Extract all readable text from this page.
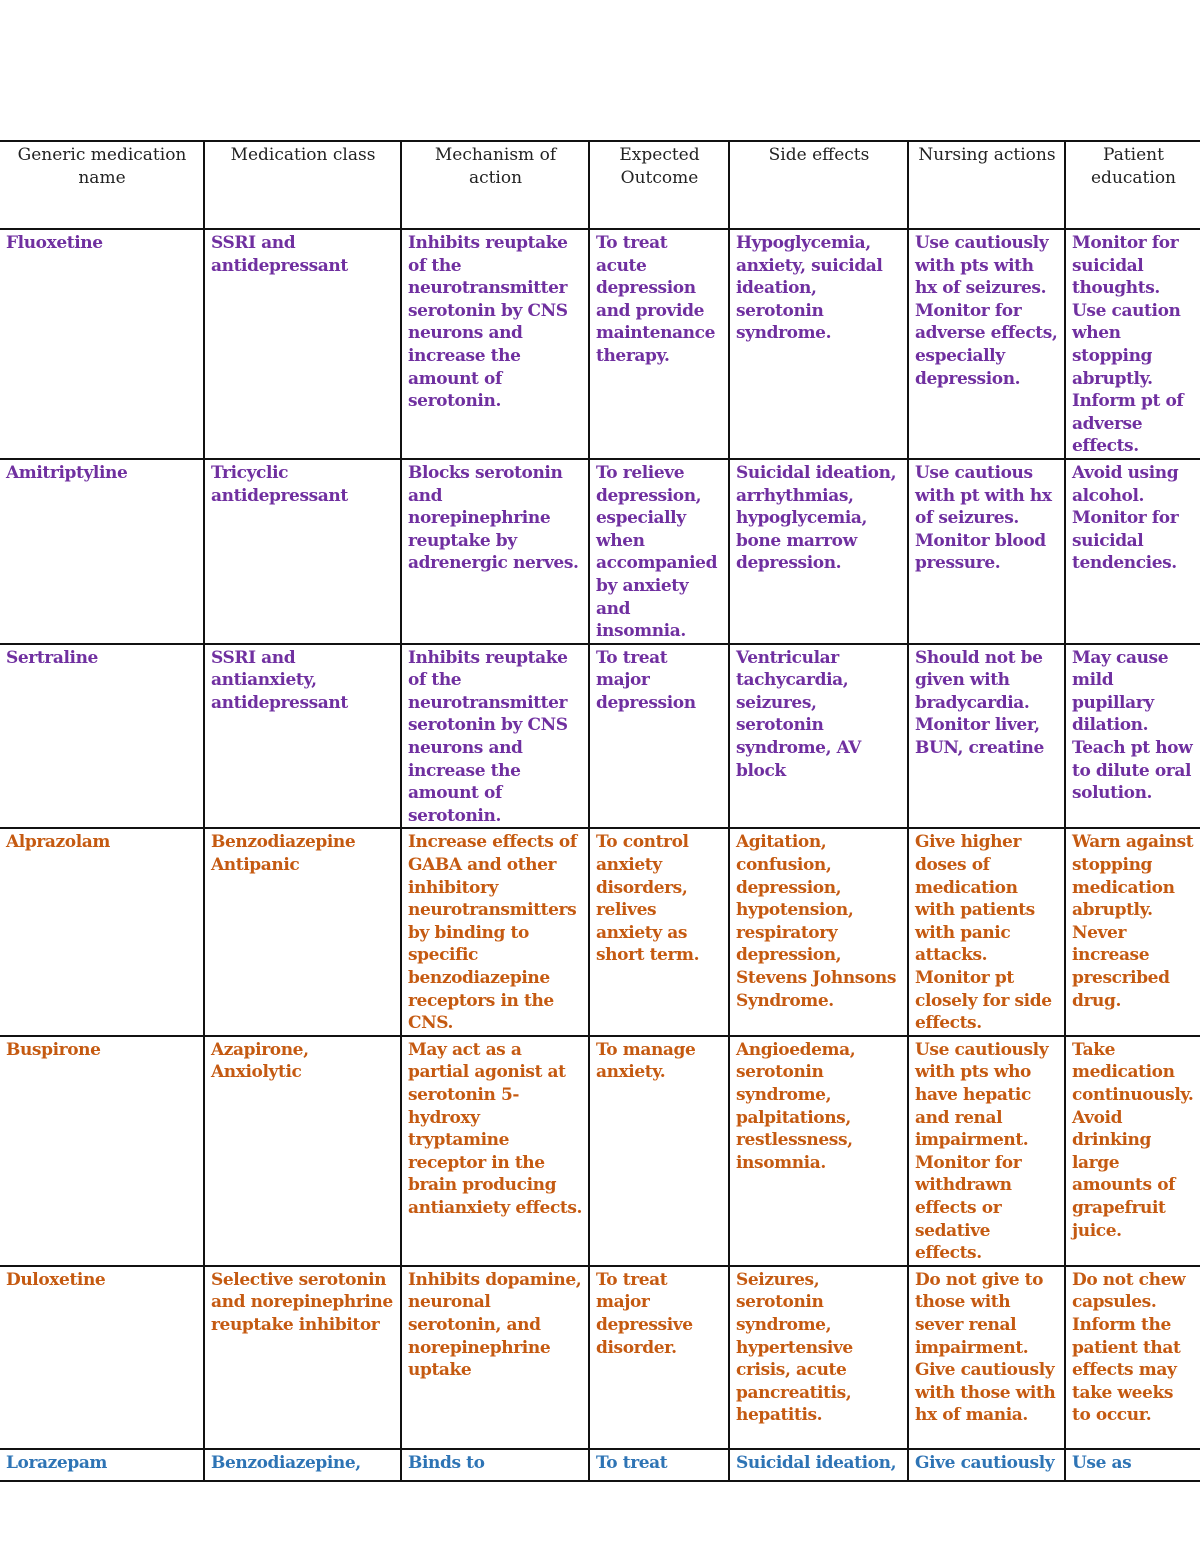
Generic medication name	Medication class	Mechanism of action	Expected Outcome	Side effects	Nursing actions	Patient education
Fluoxetine	SSRI and antidepressant	Inhibits reuptake of the neurotransmitter serotonin by CNS neurons and increase the amount of serotonin.	To treat acute depression and provide maintenance therapy.	Hypoglycemia, anxiety, suicidal ideation, serotonin syndrome.	Use cautiously with pts with hx of seizures. Monitor for adverse effects, especially depression.	Monitor for suicidal thoughts. Use caution when stopping abruptly. Inform pt of adverse effects.
Amitriptyline	Tricyclic antidepressant	Blocks serotonin and norepinephrine reuptake by adrenergic nerves.	To relieve depression, especially when accompanied by anxiety and insomnia.	Suicidal ideation, arrhythmias, hypoglycemia, bone marrow depression.	Use cautious with pt with hx of seizures. Monitor blood pressure.	Avoid using alcohol. Monitor for suicidal tendencies.
Sertraline	SSRI and antianxiety, antidepressant	Inhibits reuptake of the neurotransmitter serotonin by CNS neurons and increase the amount of serotonin.	To treat major depression	Ventricular tachycardia, seizures, serotonin syndrome, AV block	Should not be given with bradycardia. Monitor liver, BUN, creatine	May cause mild pupillary dilation. Teach pt how to dilute oral solution.
Alprazolam	Benzodiazepine Antipanic	Increase effects of GABA and other inhibitory neurotransmitters by binding to specific benzodiazepine receptors in the CNS.	To control anxiety disorders, relives anxiety as short term.	Agitation, confusion, depression, hypotension, respiratory depression, Stevens Johnsons Syndrome.	Give higher doses of medication with patients with panic attacks. Monitor pt closely for side effects.	Warn against stopping medication abruptly. Never increase prescribed drug.
Buspirone	Azapirone, Anxiolytic	May act as a partial agonist at serotonin 5-hydroxy tryptamine receptor in the brain producing antianxiety effects.	To manage anxiety.	Angioedema, serotonin syndrome, palpitations, restlessness, insomnia.	Use cautiously with pts who have hepatic and renal impairment. Monitor for withdrawn effects or sedative effects.	Take medication continuously. Avoid drinking large amounts of grapefruit juice.
Duloxetine	Selective serotonin and norepinephrine reuptake inhibitor	Inhibits dopamine, neuronal serotonin, and norepinephrine uptake	To treat major depressive disorder.	Seizures, serotonin syndrome, hypertensive crisis, acute pancreatitis, hepatitis.	Do not give to those with sever renal impairment. Give cautiously with those with hx of mania.	Do not chew capsules. Inform the patient that effects may take weeks to occur.
Lorazepam	Benzodiazepine,	Binds to	To treat	Suicidal ideation,	Give cautiously	Use as
